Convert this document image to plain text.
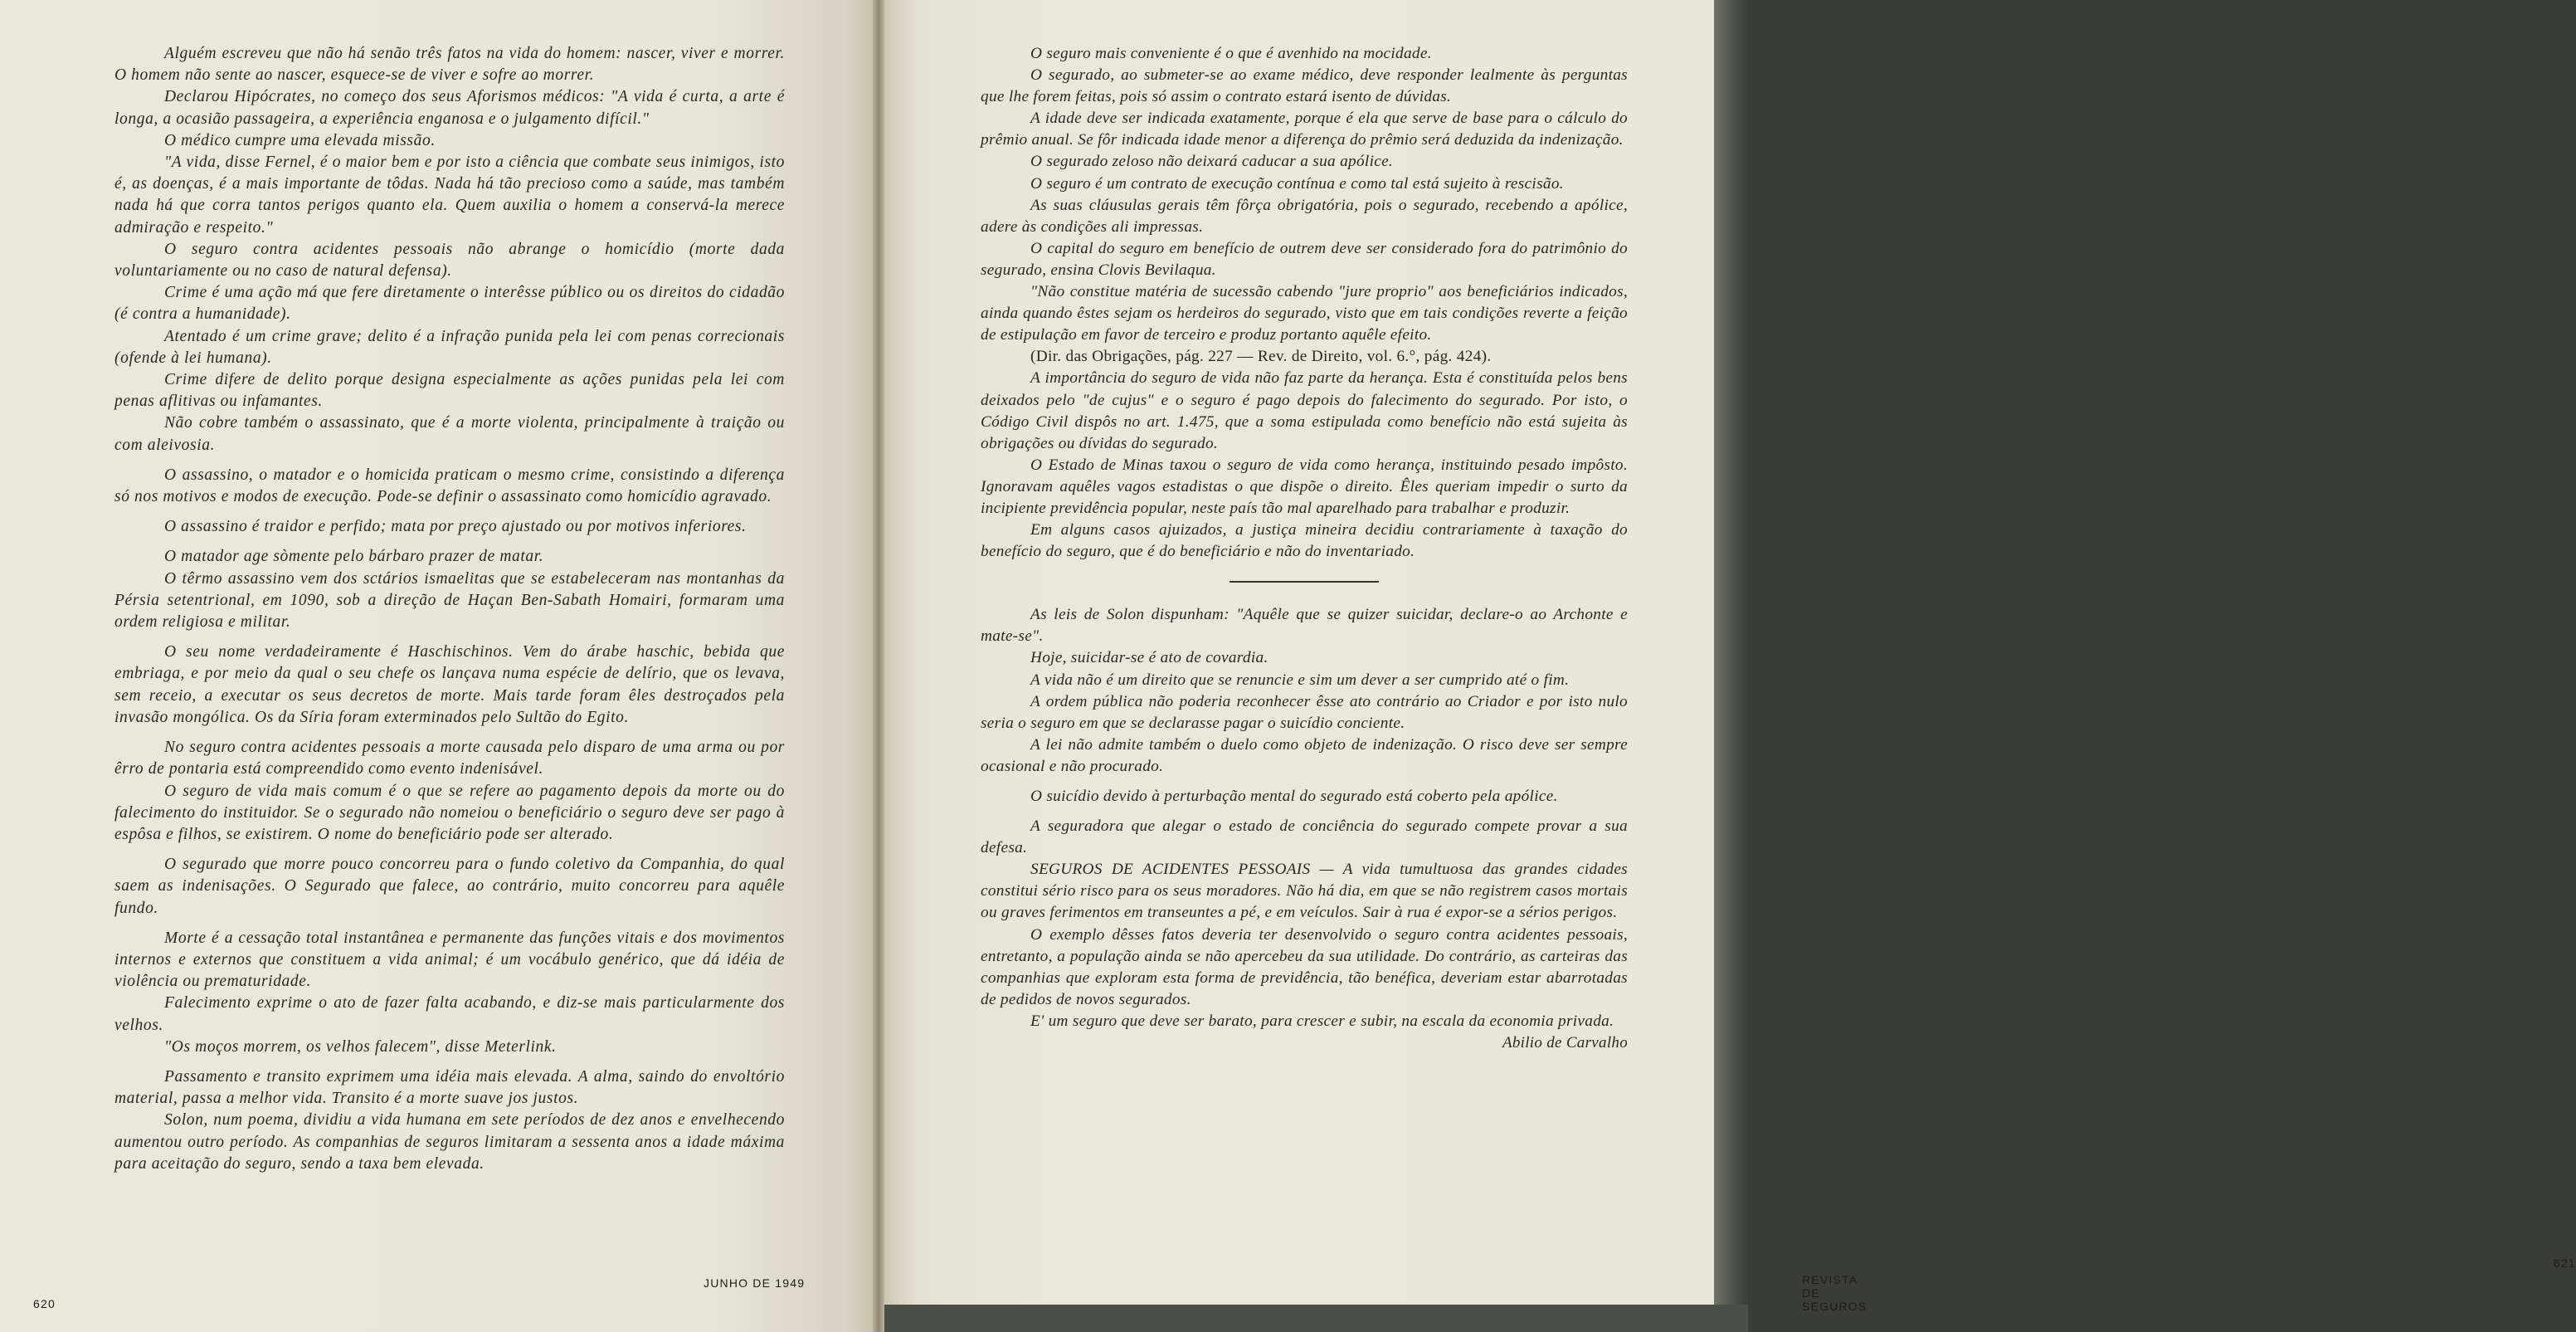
Alguém escreveu que não há senão três fatos na vida do homem: nascer, viver e morrer. O homem não sente ao nascer, esquece-se de viver e sofre ao morrer.

Declarou Hipócrates, no começo dos seus Aforismos médicos: "A vida é curta, a arte é longa, a ocasião passageira, a experiência enganosa e o julgamento difícil."

O médico cumpre uma elevada missão.

"A vida, disse Fernel, é o maior bem e por isto a ciência que combate seus inimigos, isto é, as doenças, é a mais importante de tôdas. Nada há tão precioso como a saúde, mas também nada há que corra tantos perigos quanto ela. Quem auxilia o homem a conservá-la merece admiração e respeito."

O seguro contra acidentes pessoais não abrange o homicídio (morte dada voluntariamente ou no caso de natural defensa).

Crime é uma ação má que fere diretamente o interêsse público ou os direitos do cidadão (é contra a humanidade).

Atentado é um crime grave; delito é a infração punida pela lei com penas correcionais (ofende à lei humana).

Crime difere de delito porque designa especialmente as ações punidas pela lei com penas aflitivas ou infamantes.

Não cobre também o assassinato, que é a morte violenta, principalmente à traição ou com aleivosia.

O assassino, o matador e o homicida praticam o mesmo crime, consistindo a diferença só nos motivos e modos de execução. Pode-se definir o assassinato como homicídio agravado.

O assassino é traidor e perfido; mata por preço ajustado ou por motivos inferiores.

O matador age sòmente pelo bárbaro prazer de matar.

O têrmo assassino vem dos sctários ismaelitas que se estabeleceram nas montanhas da Pérsia setentrional, em 1090, sob a direção de Haçan Ben-Sabath Homairi, formaram uma ordem religiosa e militar.

O seu nome verdadeiramente é Haschischinos. Vem do árabe haschic, bebida que embriaga, e por meio da qual o seu chefe os lançava numa espécie de delírio, que os levava, sem receio, a executar os seus decretos de morte. Mais tarde foram êles destroçados pela invasão mongólica. Os da Síria foram exterminados pelo Sultão do Egito.

No seguro contra acidentes pessoais a morte causada pelo disparo de uma arma ou por êrro de pontaria está compreendido como evento indenisável.

O seguro de vida mais comum é o que se refere ao pagamento depois da morte ou do falecimento do instituidor. Se o segurado não nomeiou o beneficiário o seguro deve ser pago à espôsa e filhos, se existirem. O nome do beneficiário pode ser alterado.

O segurado que morre pouco concorreu para o fundo coletivo da Companhia, do qual saem as indenisações. O Segurado que falece, ao contrário, muito concorreu para aquêle fundo.

Morte é a cessação total instantânea e permanente das funções vitais e dos movimentos internos e externos que constituem a vida animal; é um vocábulo genérico, que dá idéia de violência ou prematuridade.

Falecimento exprime o ato de fazer falta acabando, e diz-se mais particularmente dos velhos.

"Os moços morrem, os velhos falecem", disse Meterlink.

Passamento e transito exprimem uma idéia mais elevada. A alma, saindo do envoltório material, passa a melhor vida. Transito é a morte suave jos justos.

Solon, num poema, dividiu a vida humana em sete períodos de dez anos e envelhecendo aumentou outro período. As companhias de seguros limitaram a sessenta anos a idade máxima para aceitação do seguro, sendo a taxa bem elevada.

620
JUNHO DE 1949	REVISTA DE SEGUROS
621

O seguro mais conveniente é o que é avenhido na mocidade.

O segurado, ao submeter-se ao exame médico, deve responder lealmente às perguntas que lhe forem feitas, pois só assim o contrato estará isento de dúvidas.

A idade deve ser indicada exatamente, porque é ela que serve de base para o cálculo do prêmio anual. Se fôr indicada idade menor a diferença do prêmio será deduzida da indenização.

O segurado zeloso não deixará caducar a sua apólice.

O seguro é um contrato de execução contínua e como tal está sujeito à rescisão.

As suas cláusulas gerais têm fôrça obrigatória, pois o segurado, recebendo a apólice, adere às condições ali impressas.

O capital do seguro em benefício de outrem deve ser considerado fora do patrimônio do segurado, ensina Clovis Bevilaqua.

"Não constitue matéria de sucessão cabendo "jure proprio" aos beneficiários indicados, ainda quando êstes sejam os herdeiros do segurado, visto que em tais condições reverte a feição de estipulação em favor de terceiro e produz portanto aquêle efeito.

(Dir. das Obrigações, pág. 227 — Rev. de Direito, vol. 6.°, pág. 424).

A importância do seguro de vida não faz parte da herança. Esta é constituída pelos bens deixados pelo "de cujus" e o seguro é pago depois do falecimento do segurado. Por isto, o Código Civil dispôs no art. 1.475, que a soma estipulada como benefício não está sujeita às obrigações ou dívidas do segurado.

O Estado de Minas taxou o seguro de vida como herança, instituindo pesado impôsto. Ignoravam aquêles vagos estadistas o que dispõe o direito. Êles queriam impedir o surto da incipiente previdência popular, neste país tão mal aparelhado para trabalhar e produzir.

Em alguns casos ajuizados, a justiça mineira decidiu contrariamente à taxação do benefício do seguro, que é do beneficiário e não do inventariado.

As leis de Solon dispunham: "Aquêle que se quizer suicidar, declare-o ao Archonte e mate-se".

Hoje, suicidar-se é ato de covardia.

A vida não é um direito que se renuncie e sim um dever a ser cumprido até o fim.

A ordem pública não poderia reconhecer êsse ato contrário ao Criador e por isto nulo seria o seguro em que se declarasse pagar o suicídio conciente.

A lei não admite também o duelo como objeto de indenização. O risco deve ser sempre ocasional e não procurado.

O suicídio devido à perturbação mental do segurado está coberto pela apólice.

A seguradora que alegar o estado de conciência do segurado compete provar a sua defesa.

SEGUROS DE ACIDENTES PESSOAIS — A vida tumultuosa das grandes cidades constitui sério risco para os seus moradores. Não há dia, em que se não registrem casos mortais ou graves ferimentos em transeuntes a pé, e em veículos. Sair à rua é expor-se a sérios perigos.

O exemplo dêsses fatos deveria ter desenvolvido o seguro contra acidentes pessoais, entretanto, a população ainda se não apercebeu da sua utilidade. Do contrário, as carteiras das companhias que exploram esta forma de previdência, tão benéfica, deveriam estar abarrotadas de pedidos de novos segurados.

E' um seguro que deve ser barato, para crescer e subir, na escala da economia privada.

Abilio de Carvalho
